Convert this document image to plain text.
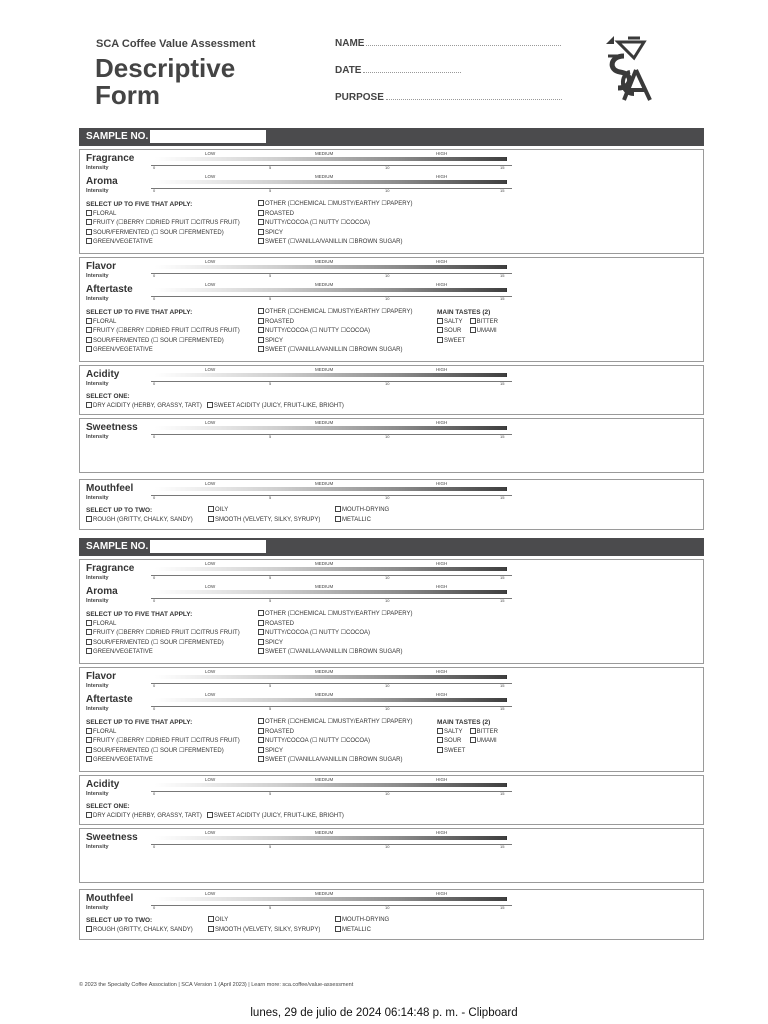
SCA Coffee Value Assessment
Descriptive Form
NAME
DATE
PURPOSE
SAMPLE NO.
Fragrance
Intensity
LOW	MEDIUM	HIGH
0	5	10	15
Aroma
Intensity
LOW	MEDIUM	HIGH
0	5	10	15
SELECT UP TO FIVE THAT APPLY:
FLORAL
FRUITY (☐BERRY ☐DRIED FRUIT ☐CITRUS FRUIT)
SOUR/FERMENTED (☐ SOUR ☐FERMENTED)
GREEN/VEGETATIVE
OTHER (☐CHEMICAL ☐MUSTY/EARTHY ☐PAPERY)
ROASTED
NUTTY/COCOA (☐ NUTTY ☐COCOA)
SPICY
SWEET (☐VANILLA/VANILLIN ☐BROWN SUGAR)
Flavor
Intensity
LOW	MEDIUM	HIGH
0	5	10	15
Aftertaste
Intensity
LOW	MEDIUM	HIGH
0	5	10	15
SELECT UP TO FIVE THAT APPLY:
FLORAL
FRUITY (☐BERRY ☐DRIED FRUIT ☐CITRUS FRUIT)
SOUR/FERMENTED (☐ SOUR ☐FERMENTED)
GREEN/VEGETATIVE
OTHER (☐CHEMICAL ☐MUSTY/EARTHY ☐PAPERY)
ROASTED
NUTTY/COCOA (☐ NUTTY ☐COCOA)
SPICY
SWEET (☐VANILLA/VANILLIN ☐BROWN SUGAR)
MAIN TASTES (2)
SALTY BITTER
SOUR	UMAMI
SWEET
Acidity
Intensity
LOW	MEDIUM	HIGH
0	5	10	15
SELECT ONE:
DRY ACIDITY (HERBY, GRASSY, TART) SWEET ACIDITY (JUICY, FRUIT-LIKE, BRIGHT)
Sweetness
Intensity
LOW	MEDIUM	HIGH
0	5	10	15
Mouthfeel
Intensity
LOW	MEDIUM	HIGH
0	5	10	15
SELECT UP TO TWO:
ROUGH (GRITTY, CHALKY, SANDY)
OILY
SMOOTH (VELVETY, SILKY, SYRUPY)
MOUTH-DRYING
METALLIC
SAMPLE NO.
Fragrance
Intensity
LOW	MEDIUM	HIGH
0	5	10	15
Aroma
Intensity
LOW	MEDIUM	HIGH
0	5	10	15
SELECT UP TO FIVE THAT APPLY:
FLORAL
FRUITY (☐BERRY ☐DRIED FRUIT ☐CITRUS FRUIT)
SOUR/FERMENTED (☐ SOUR ☐FERMENTED)
GREEN/VEGETATIVE
OTHER (☐CHEMICAL ☐MUSTY/EARTHY ☐PAPERY)
ROASTED
NUTTY/COCOA (☐ NUTTY ☐COCOA)
SPICY
SWEET (☐VANILLA/VANILLIN ☐BROWN SUGAR)
Flavor
Intensity
LOW	MEDIUM	HIGH
0	5	10	15
Aftertaste
Intensity
LOW	MEDIUM	HIGH
0	5	10	15
SELECT UP TO FIVE THAT APPLY:
FLORAL
FRUITY (☐BERRY ☐DRIED FRUIT ☐CITRUS FRUIT)
SOUR/FERMENTED (☐ SOUR ☐FERMENTED)
GREEN/VEGETATIVE
OTHER (☐CHEMICAL ☐MUSTY/EARTHY ☐PAPERY)
ROASTED
NUTTY/COCOA (☐ NUTTY ☐COCOA)
SPICY
SWEET (☐VANILLA/VANILLIN ☐BROWN SUGAR)
MAIN TASTES (2)
SALTY BITTER
SOUR	UMAMI
SWEET
Acidity
Intensity
LOW	MEDIUM	HIGH
0	5	10	15
SELECT ONE:
DRY ACIDITY (HERBY, GRASSY, TART) SWEET ACIDITY (JUICY, FRUIT-LIKE, BRIGHT)
Sweetness
Intensity
LOW	MEDIUM	HIGH
0	5	10	15
Mouthfeel
Intensity
LOW	MEDIUM	HIGH
0	5	10	15
SELECT UP TO TWO:
ROUGH (GRITTY, CHALKY, SANDY)
OILY
SMOOTH (VELVETY, SILKY, SYRUPY)
MOUTH-DRYING
METALLIC
© 2023 the Specialty Coffee Association | SCA Version 1 (April 2023) | Learn more: sca.coffee/value-assessment
lunes, 29 de julio de 2024 06:14:48 p. m. - Clipboard
